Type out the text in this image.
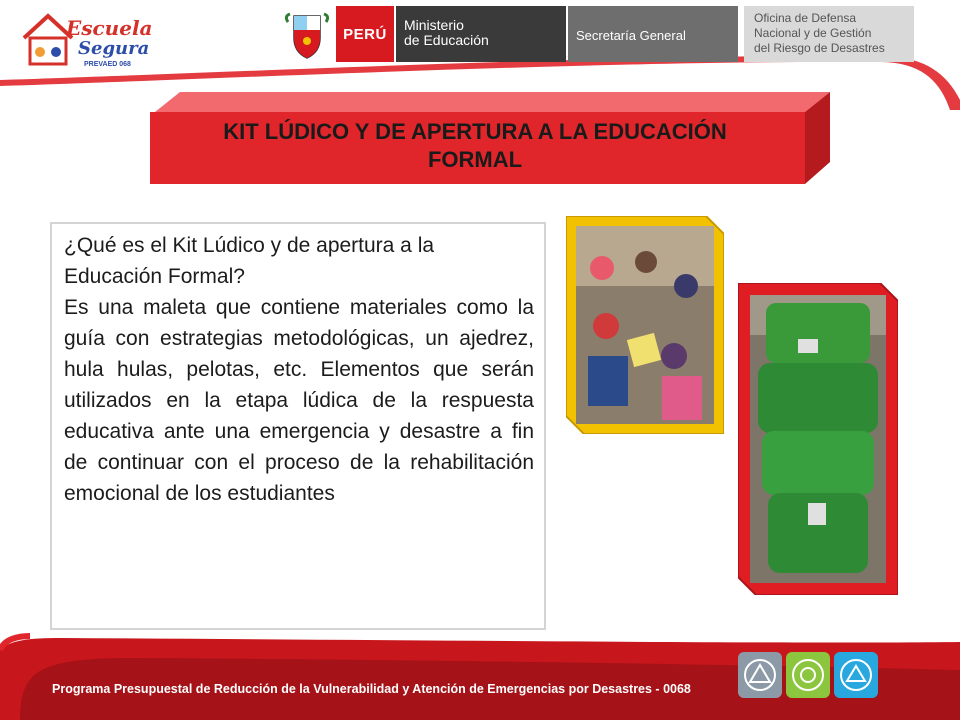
Escuela
Segura
PREVAED 068
PERÚ
Ministerio
de Educación	Secretaría General
Oficina de Defensa
Nacional y de Gestión
del Riesgo de Desastres
KIT LÚDICO Y DE APERTURA A LA EDUCACIÓN
FORMAL

¿Qué es el Kit Lúdico y de apertura a la Educación Formal?

Es una maleta que contiene materiales como la guía con estrategias metodológicas, un ajedrez, hula hulas, pelotas, etc. Elementos que serán utilizados en la etapa lúdica de la respuesta educativa ante una emergencia y desastre a fin de continuar con el proceso de la rehabilitación emocional de los estudiantes

Programa Presupuestal de Reducción de la Vulnerabilidad y Atención de Emergencias por Desastres - 0068
